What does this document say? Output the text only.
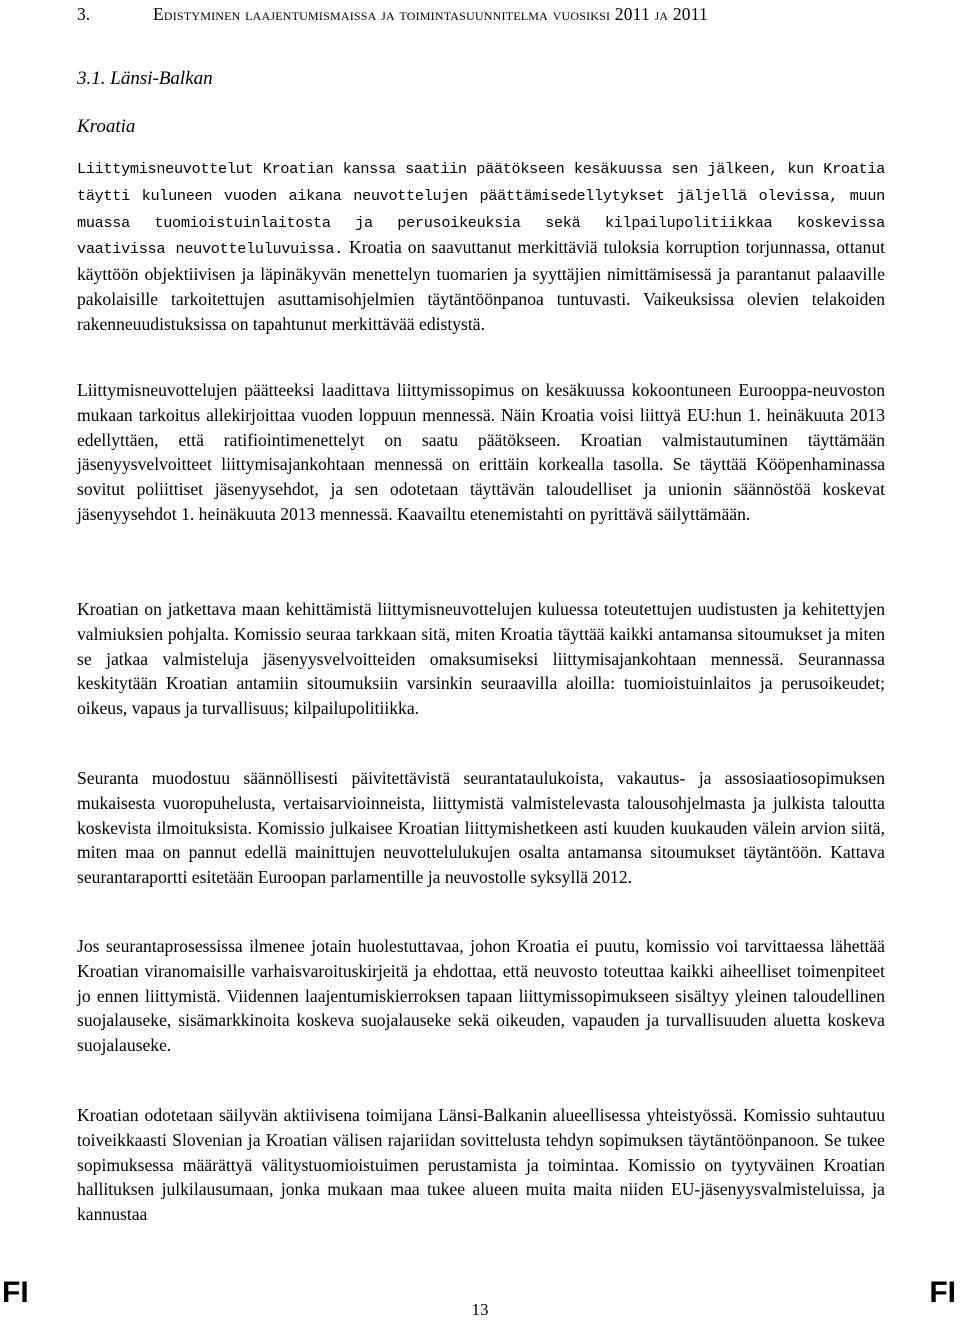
3.	Edistyminen laajentumismaissa ja toimintasuunnitelma vuosiksi 2011 ja 2011
3.1. Länsi-Balkan
Kroatia

Liittymisneuvottelut Kroatian kanssa saatiin päätökseen kesäkuussa sen jälkeen, kun Kroatia täytti kuluneen vuoden aikana neuvottelujen päättämisedellytykset jäljellä olevissa, muun muassa tuomioistuinlaitosta ja perusoikeuksia sekä kilpailupolitiikkaa koskevissa vaativissa neuvotteluluvuissa. Kroatia on saavuttanut merkittäviä tuloksia korruption torjunnassa, ottanut käyttöön objektiivisen ja läpinäkyvän menettelyn tuomarien ja syyttäjien nimittämisessä ja parantanut palaaville pakolaisille tarkoitettujen asuttamisohjelmien täytäntöönpanoa tuntuvasti. Vaikeuksissa olevien telakoiden rakenneuudistuksissa on tapahtunut merkittävää edistystä.

Liittymisneuvottelujen päätteeksi laadittava liittymissopimus on kesäkuussa kokoontuneen Eurooppa-neuvoston mukaan tarkoitus allekirjoittaa vuoden loppuun mennessä. Näin Kroatia voisi liittyä EU:hun 1. heinäkuuta 2013 edellyttäen, että ratifiointimenettelyt on saatu päätökseen. Kroatian valmistautuminen täyttämään jäsenyysvelvoitteet liittymisajankohtaan mennessä on erittäin korkealla tasolla. Se täyttää Kööpenhaminassa sovitut poliittiset jäsenyysehdot, ja sen odotetaan täyttävän taloudelliset ja unionin säännöstöä koskevat jäsenyysehdot 1. heinäkuuta 2013 mennessä. Kaavailtu etenemistahti on pyrittävä säilyttämään.

Kroatian on jatkettava maan kehittämistä liittymisneuvottelujen kuluessa toteutettujen uudistusten ja kehitettyjen valmiuksien pohjalta. Komissio seuraa tarkkaan sitä, miten Kroatia täyttää kaikki antamansa sitoumukset ja miten se jatkaa valmisteluja jäsenyysvelvoitteiden omaksumiseksi liittymisajankohtaan mennessä. Seurannassa keskitytään Kroatian antamiin sitoumuksiin varsinkin seuraavilla aloilla: tuomioistuinlaitos ja perusoikeudet; oikeus, vapaus ja turvallisuus; kilpailupolitiikka.

Seuranta muodostuu säännöllisesti päivitettävistä seurantataulukoista, vakautus- ja assosiaatiosopimuksen mukaisesta vuoropuhelusta, vertaisarvioinneista, liittymistä valmistelevasta talousohjelmasta ja julkista taloutta koskevista ilmoituksista. Komissio julkaisee Kroatian liittymishetkeen asti kuuden kuukauden välein arvion siitä, miten maa on pannut edellä mainittujen neuvottelulukujen osalta antamansa sitoumukset täytäntöön. Kattava seurantaraportti esitetään Euroopan parlamentille ja neuvostolle syksyllä 2012.

Jos seurantaprosessissa ilmenee jotain huolestuttavaa, johon Kroatia ei puutu, komissio voi tarvittaessa lähettää Kroatian viranomaisille varhaisvaroituskirjeitä ja ehdottaa, että neuvosto toteuttaa kaikki aiheelliset toimenpiteet jo ennen liittymistä. Viidennen laajentumiskierroksen tapaan liittymissopimukseen sisältyy yleinen taloudellinen suojalauseke, sisämarkkinoita koskeva suojalauseke sekä oikeuden, vapauden ja turvallisuuden aluetta koskeva suojalauseke.

Kroatian odotetaan säilyvän aktiivisena toimijana Länsi-Balkanin alueellisessa yhteistyössä. Komissio suhtautuu toiveikkaasti Slovenian ja Kroatian välisen rajariidan sovittelusta tehdyn sopimuksen täytäntöönpanoon. Se tukee sopimuksessa määrättyä välitystuomioistuimen perustamista ja toimintaa. Komissio on tyytyväinen Kroatian hallituksen julkilausumaan, jonka mukaan maa tukee alueen muita maita niiden EU-jäsenyysvalmisteluissa, ja kannustaa

FI
13
FI
